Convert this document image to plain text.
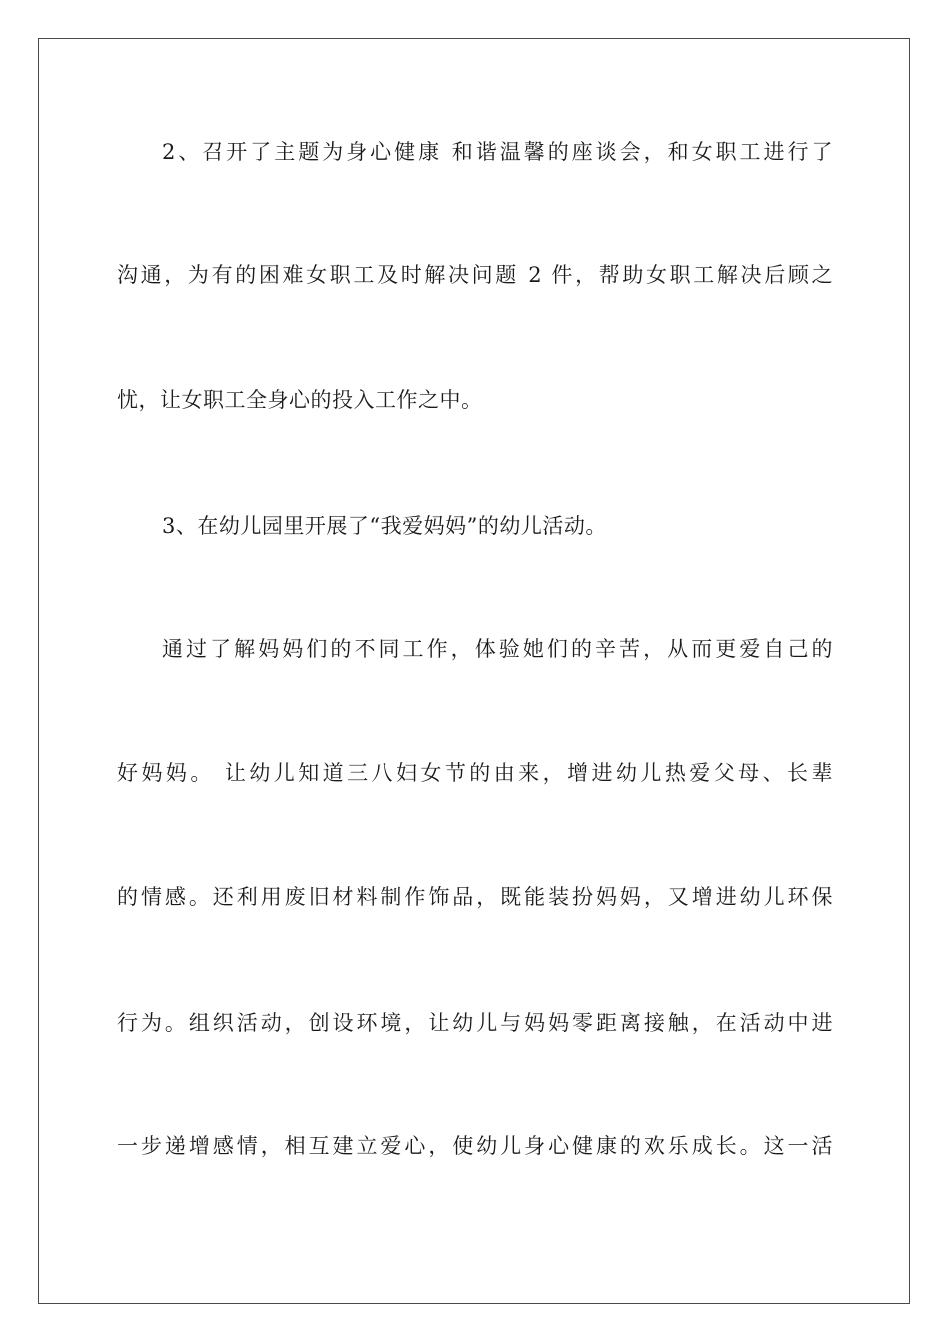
2、召开了主题为身心健康 和谐温馨的座谈会，和女职工进行了
沟通，为有的困难女职工及时解决问题 2 件，帮助女职工解决后顾之
忧，让女职工全身心的投入工作之中。
3、在幼儿园里开展了“我爱妈妈”的幼儿活动。
通过了解妈妈们的不同工作，体验她们的辛苦，从而更爱自己的
好妈妈。 让幼儿知道三八妇女节的由来，增进幼儿热爱父母、长辈
的情感。还利用废旧材料制作饰品，既能装扮妈妈，又增进幼儿环保
行为。组织活动，创设环境，让幼儿与妈妈零距离接触，在活动中进
一步递增感情，相互建立爱心，使幼儿身心健康的欢乐成长。这一活
